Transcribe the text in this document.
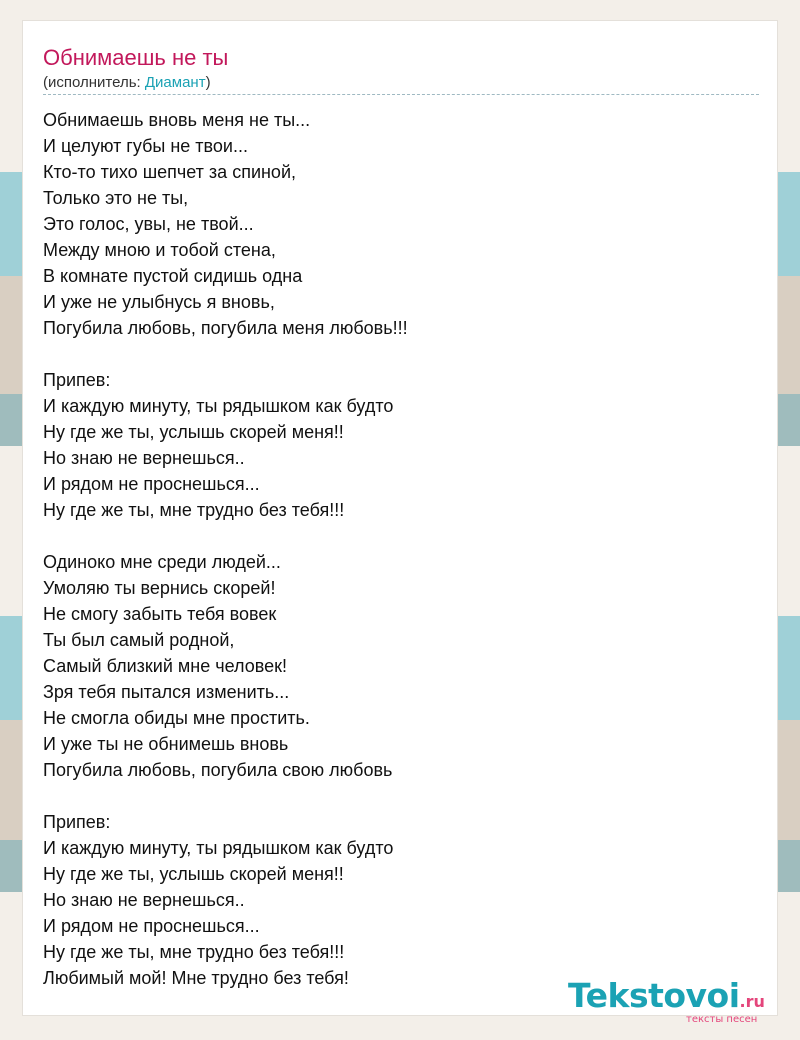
Обнимаешь не ты
(исполнитель: Диамант)
Обнимаешь вновь меня не ты...
И целуют губы не твои...
Кто-то тихо шепчет за спиной,
Только это не ты,
Это голос, увы, не твой...
Между мною и тобой стена,
В комнате пустой сидишь одна
И уже не улыбнусь я вновь,
Погубила любовь, погубила меня любовь!!!
Припев:
И каждую минуту, ты рядышком как будто
Ну где же ты, услышь скорей меня!!
Но знаю не вернешься..
И рядом не проснешься...
Ну где же ты, мне трудно без тебя!!!
Одиноко мне среди людей...
Умоляю ты вернись скорей!
Не смогу забыть тебя вовек
Ты был самый родной,
Самый близкий мне человек!
Зря тебя пытался изменить...
Не смогла обиды мне простить.
И уже ты не обнимешь вновь
Погубила любовь, погубила свою любовь
Припев:
И каждую минуту, ты рядышком как будто
Ну где же ты, услышь скорей меня!!
Но знаю не вернешься..
И рядом не проснешься...
Ну где же ты, мне трудно без тебя!!!
Любимый мой! Мне трудно без тебя!	Tekstovoi.ru
тексты песен
